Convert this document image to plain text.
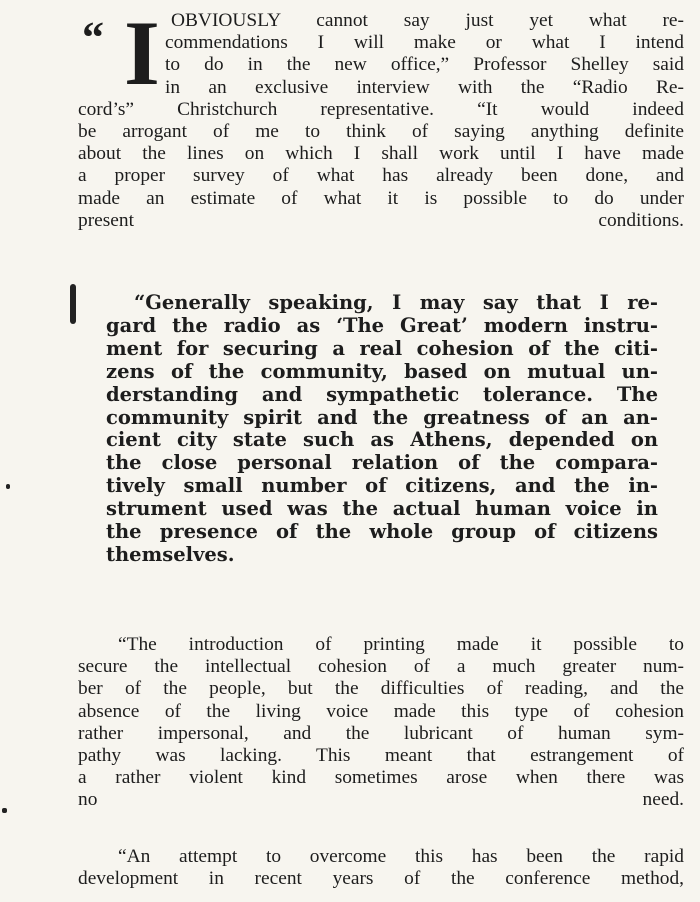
“ I OBVIOUSLY cannot say just yet what re-
commendations I will make or what I intend
to do in the new office,” Professor Shelley said
in an exclusive interview with the “Radio Re-
cord’s” Christchurch representative. “It would indeed
be arrogant of me to think of saying anything definite
about the lines on which I shall work until I have made
a proper survey of what has already been done, and
made an estimate of what it is possible to do under
present conditions.
“Generally speaking, I may say that I re-
gard the radio as ‘The Great’ modern instru-
ment for securing a real cohesion of the citi-
zens of the community, based on mutual un-
derstanding and sympathetic tolerance. The
community spirit and the greatness of an an-
cient city state such as Athens, depended on
the close personal relation of the compara-
tively small number of citizens, and the in-
strument used was the actual human voice in
the presence of the whole group of citizens
themselves.
“The introduction of printing made it possible to
secure the intellectual cohesion of a much greater num-
ber of the people, but the difficulties of reading, and the
absence of the living voice made this type of cohesion
rather impersonal, and the lubricant of human sym-
pathy was lacking. This meant that estrangement of
a rather violent kind sometimes arose when there was
no need.
“An attempt to overcome this has been the rapid
development in recent years of the conference method,
